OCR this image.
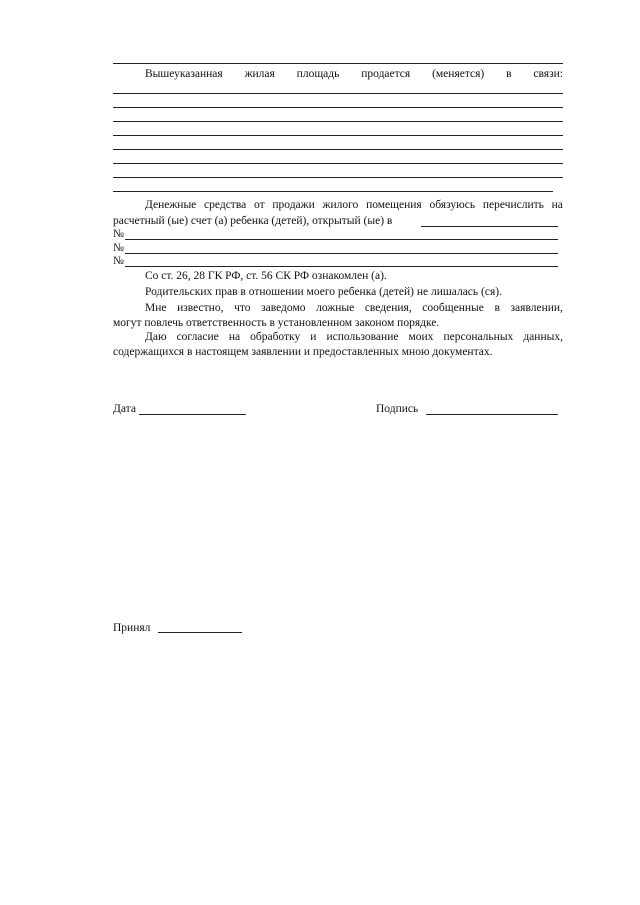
Вышеуказанная жилая площадь продается (меняется) в связи:
Денежные средства от продажи жилого помещения обязуюсь перечислить на
расчетный (ые) счет (а) ребенка (детей), открытый (ые) в
№
№
№
Со ст. 26, 28 ГК РФ, ст. 56 СК РФ ознакомлен (а).
Родительских прав в отношении моего ребенка (детей) не лишалась (ся).
Мне известно, что заведомо ложные сведения, сообщенные в заявлении,
могут повлечь ответственность в установленном законом порядке.
Даю согласие на обработку и использование моих персональных данных,
содержащихся в настоящем заявлении и предоставленных мною документах.
Дата	Подпись
Принял
